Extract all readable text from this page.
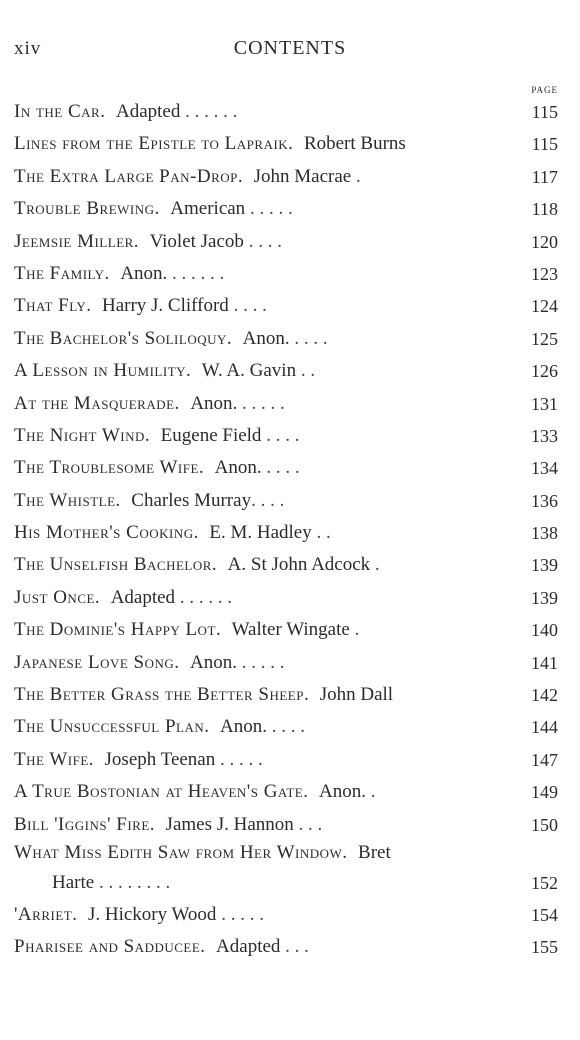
xiv	CONTENTS
PAGE
In the Car. Adapted . . . . . .	115
Lines from the Epistle to Lapraik. Robert Burns	115
The Extra Large Pan-Drop. John Macrae .	117
Trouble Brewing. American . . . . .	118
Jeemsie Miller. Violet Jacob . . . .	120
The Family. Anon. . . . . . .	123
That Fly. Harry J. Clifford . . . .	124
The Bachelor's Soliloquy. Anon. . . . .	125
A Lesson in Humility. W. A. Gavin . .	126
At the Masquerade. Anon. . . . . .	131
The Night Wind. Eugene Field . . . .	133
The Troublesome Wife. Anon. . . . .	134
The Whistle. Charles Murray. . . .	136
His Mother's Cooking. E. M. Hadley . .	138
The Unselfish Bachelor. A. St John Adcock .	139
Just Once. Adapted . . . . . .	139
The Dominie's Happy Lot. Walter Wingate .	140
Japanese Love Song. Anon. . . . . .	141
The Better Grass the Better Sheep. John Dall	142
The Unsuccessful Plan. Anon. . . . .	144
The Wife. Joseph Teenan . . . . .	147
A True Bostonian at Heaven's Gate. Anon. .	149
Bill 'Iggins' Fire. James J. Hannon . . .	150
What Miss Edith Saw from Her Window. Bret
Harte . . . . . . . .	152
'Arriet. J. Hickory Wood . . . . .	154
Pharisee and Sadducee. Adapted . . .	155
